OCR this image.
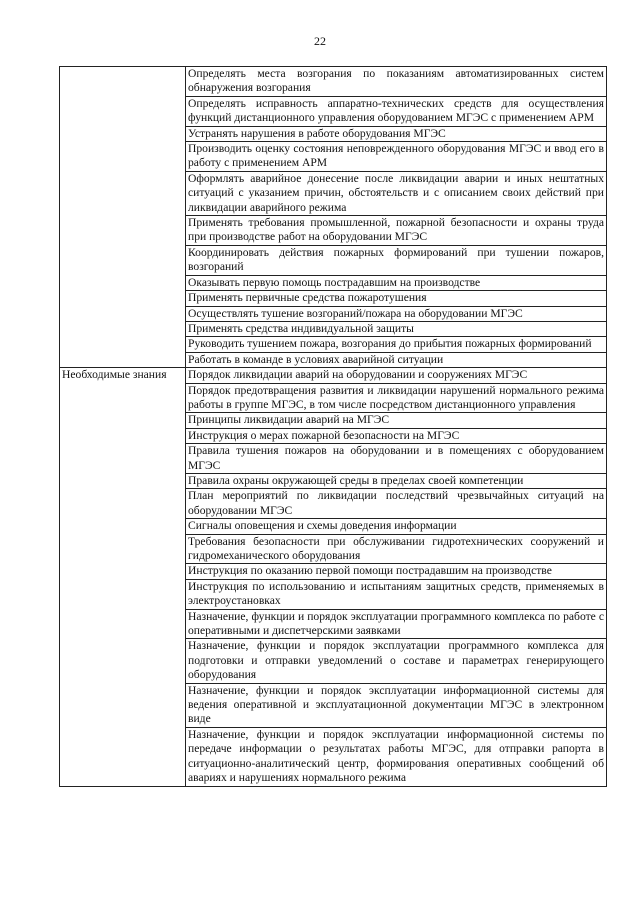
22
	Определять места возгорания по показаниям автоматизированных систем обнаружения возгорания
	Определять исправность аппаратно-технических средств для осуществления функций дистанционного управления оборудованием МГЭС с применением АРМ
	Устранять нарушения в работе оборудования МГЭС
	Производить оценку состояния неповрежденного оборудования МГЭС и ввод его в работу с применением АРМ
	Оформлять аварийное донесение после ликвидации аварии и иных нештатных ситуаций с указанием причин, обстоятельств и с описанием своих действий при ликвидации аварийного режима
	Применять требования промышленной, пожарной безопасности и охраны труда при производстве работ на оборудовании МГЭС
	Координировать действия пожарных формирований при тушении пожаров, возгораний
	Оказывать первую помощь пострадавшим на производстве
	Применять первичные средства пожаротушения
	Осуществлять тушение возгораний/пожара на оборудовании МГЭС
	Применять средства индивидуальной защиты
	Руководить тушением пожара, возгорания до прибытия пожарных формирований
	Работать в команде в условиях аварийной ситуации
Необходимые знания	Порядок ликвидации аварий на оборудовании и сооружениях МГЭС
	Порядок предотвращения развития и ликвидации нарушений нормального режима работы в группе МГЭС, в том числе посредством дистанционного управления
	Принципы ликвидации аварий на МГЭС
	Инструкция о мерах пожарной безопасности на МГЭС
	Правила тушения пожаров на оборудовании и в помещениях с оборудованием МГЭС
	Правила охраны окружающей среды в пределах своей компетенции
	План мероприятий по ликвидации последствий чрезвычайных ситуаций на оборудовании МГЭС
	Сигналы оповещения и схемы доведения информации
	Требования безопасности при обслуживании гидротехнических сооружений и гидромеханического оборудования
	Инструкция по оказанию первой помощи пострадавшим на производстве
	Инструкция по использованию и испытаниям защитных средств, применяемых в электроустановках
	Назначение, функции и порядок эксплуатации программного комплекса по работе с оперативными и диспетчерскими заявками
	Назначение, функции и порядок эксплуатации программного комплекса для подготовки и отправки уведомлений о составе и параметрах генерирующего оборудования
	Назначение, функции и порядок эксплуатации информационной системы для ведения оперативной и эксплуатационной документации МГЭС в электронном виде
	Назначение, функции и порядок эксплуатации информационной системы по передаче информации о результатах работы МГЭС, для отправки рапорта в ситуационно-аналитический центр, формирования оперативных сообщений об авариях и нарушениях нормального режима
